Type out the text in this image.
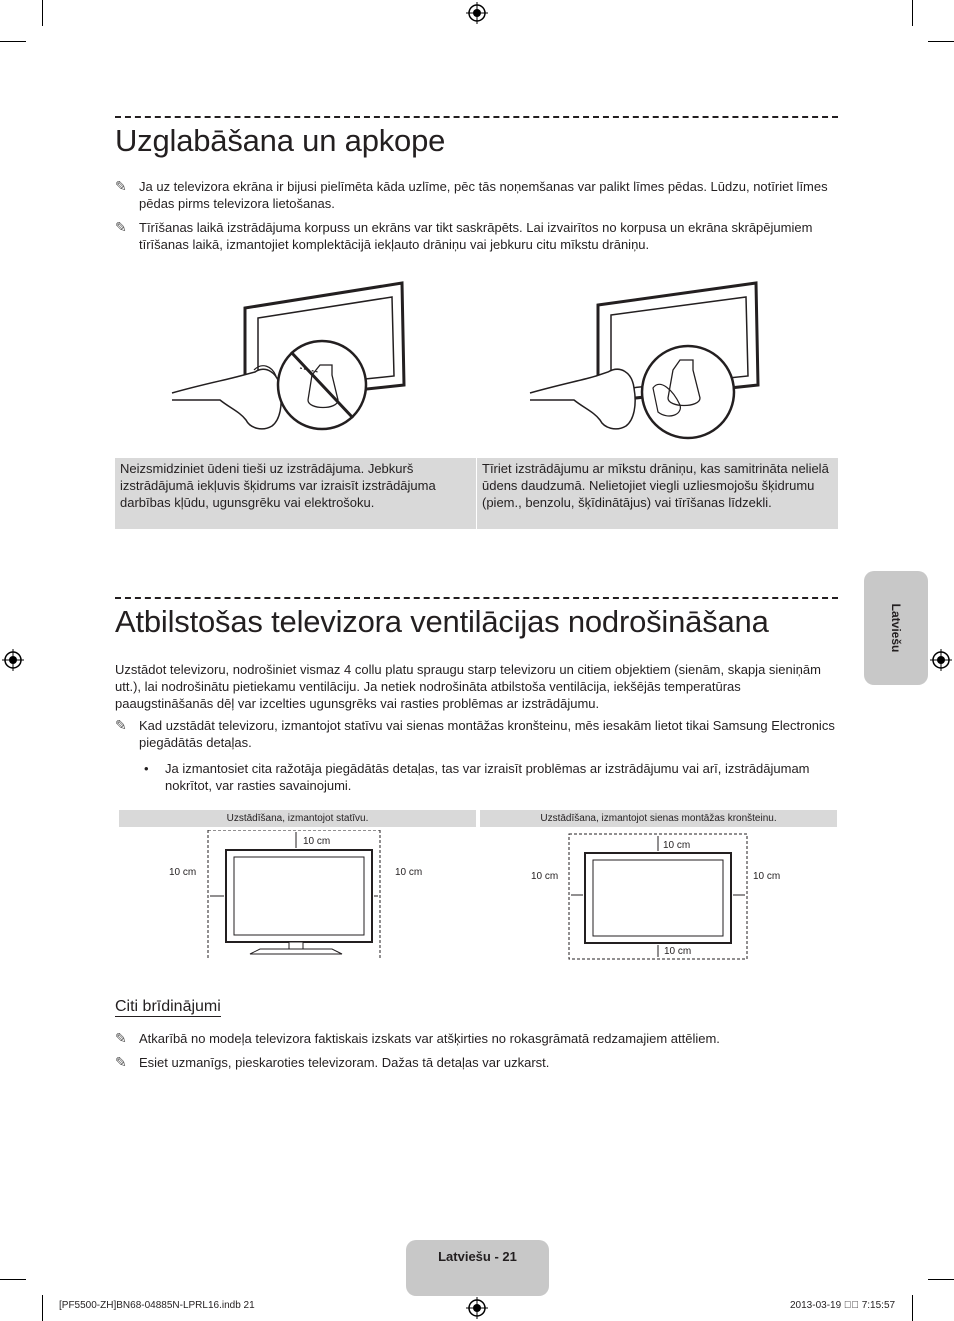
Uzglabāšana un apkope
✎ Ja uz televizora ekrāna ir bijusi pielīmēta kāda uzlīme, pēc tās noņemšanas var palikt līmes pēdas. Lūdzu, notīriet līmes pēdas pirms televizora lietošanas.
✎ Tīrīšanas laikā izstrādājuma korpuss un ekrāns var tikt saskrāpēts. Lai izvairītos no korpusa un ekrāna skrāpējumiem tīrīšanas laikā, izmantojiet komplektācijā iekļauto drāniņu vai jebkuru citu mīkstu drāniņu.
Neizsmidziniet ūdeni tieši uz izstrādājuma. Jebkurš izstrādājumā iekļuvis šķidrums var izraisīt izstrādājuma darbības kļūdu, ugunsgrēku vai elektrošoku.
Tīriet izstrādājumu ar mīkstu drāniņu, kas samitrināta nelielā ūdens daudzumā. Nelietojiet viegli uzliesmojošu šķidrumu (piem., benzolu, šķīdinātājus) vai tīrīšanas līdzekli.
Atbilstošas televizora ventilācijas nodrošināšana

Uzstādot televizoru, nodrošiniet vismaz 4 collu platu spraugu starp televizoru un citiem objektiem (sienām, skapja sieniņām utt.), lai nodrošinātu pietiekamu ventilāciju. Ja netiek nodrošināta atbilstoša ventilācija, iekšējās temperatūras paaugstināšanās dēļ var izcelties ugunsgrēks vai rasties problēmas ar izstrādājumu.

✎ Kad uzstādāt televizoru, izmantojot statīvu vai sienas montāžas kronšteinu, mēs iesakām lietot tikai Samsung Electronics piegādātās detaļas.
• Ja izmantosiet cita ražotāja piegādātās detaļas, tas var izraisīt problēmas ar izstrādājumu vai arī, izstrādājumam nokrītot, var rasties savainojumi.
Uzstādīšana, izmantojot statīvu.	Uzstādīšana, izmantojot sienas montāžas kronšteinu.
10 cm
10 cm	10 cm
10 cm
10 cm	10 cm
10 cm
Citi brīdinājumi
✎ Atkarībā no modeļa televizora faktiskais izskats var atšķirties no rokasgrāmatā redzamajiem attēliem.
✎ Esiet uzmanīgs, pieskaroties televizoram. Dažas tā detaļas var uzkarst.
Latviešu
Latviešu - 21
[PF5500-ZH]BN68-04885N-LPRL16.indb 21	2013-03-19 ￿￿ 7:15:57
